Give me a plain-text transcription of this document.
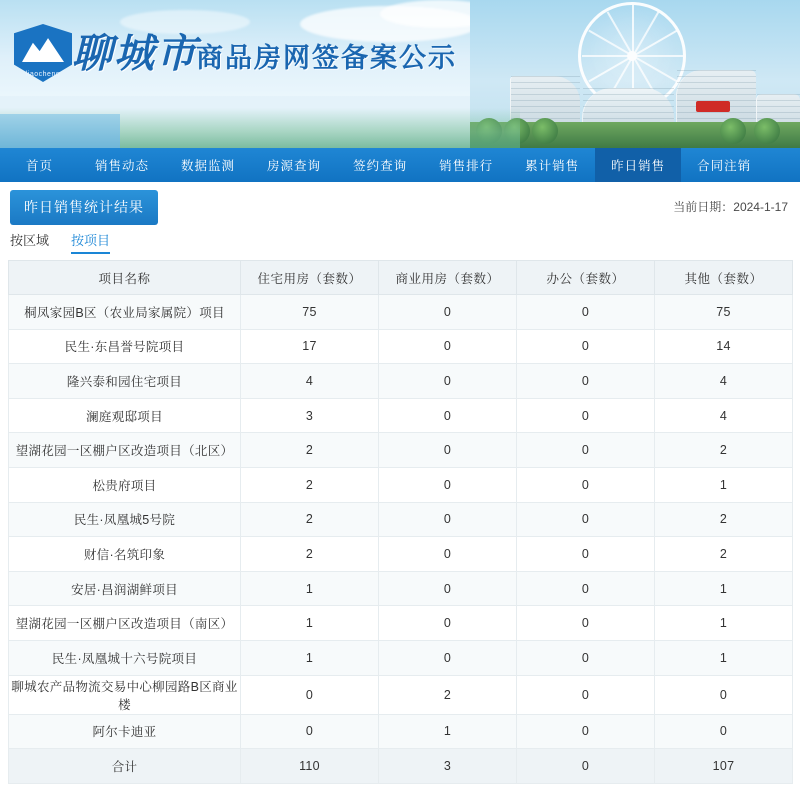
liaocheng 聊城市
商品房网签备案公示
首页	销售动态	数据监测	房源查询	签约查询	销售排行	累计销售	昨日销售	合同注销
昨日销售统计结果	当前日期：2024-1-17
按区域 按项目
项目名称	住宅用房（套数）	商业用房（套数）	办公（套数）	其他（套数）
桐凤家园B区（农业局家属院）项目	75	0	0	75
民生·东昌誉号院项目	17	0	0	14
隆兴泰和园住宅项目	4	0	0	4
澜庭观邸项目	3	0	0	4
望湖花园一区棚户区改造项目（北区）	2	0	0	2
松贵府项目	2	0	0	1
民生·凤凰城5号院	2	0	0	2
财信·名筑印象	2	0	0	2
安居·昌润湖鲜项目	1	0	0	1
望湖花园一区棚户区改造项目（南区）	1	0	0	1
民生·凤凰城十六号院项目	1	0	0	1
聊城农产品物流交易中心柳园路B区商业楼	0	2	0	0
阿尔卡迪亚	0	1	0	0
合计	110	3	0	107
